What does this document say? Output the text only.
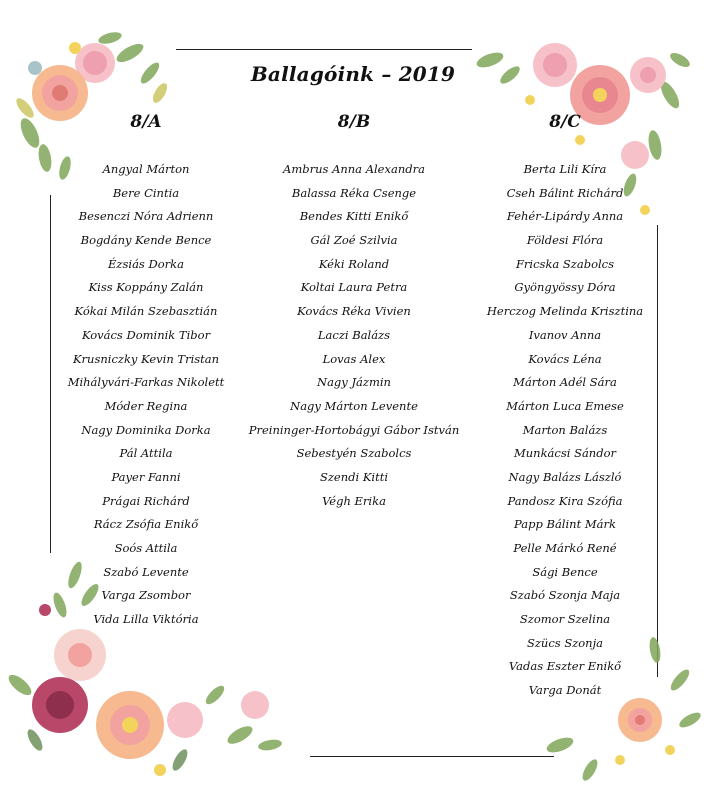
Ballagóink – 2019
8/A	8/B	8/C
Angyal Márton
Bere Cintia
Besenczi Nóra Adrienn
Bogdány Kende Bence
Ézsiás Dorka
Kiss Koppány Zalán
Kókai Milán Szebasztián
Kovács Dominik Tibor
Krusniczky Kevin Tristan
Mihályvári-Farkas Nikolett
Móder Regina
Nagy Dominika Dorka
Pál Attila
Payer Fanni
Prágai Richárd
Rácz Zsófia Enikő
Soós Attila
Szabó Levente
Varga Zsombor
Vida Lilla Viktória
Ambrus Anna Alexandra
Balassa Réka Csenge
Bendes Kitti Enikő
Gál Zoé Szilvia
Kéki Roland
Koltai Laura Petra
Kovács Réka Vivien
Laczi Balázs
Lovas Alex
Nagy Jázmin
Nagy Márton Levente
Preininger-Hortobágyi Gábor István
Sebestyén Szabolcs
Szendi Kitti
Végh Erika
Berta Lili Kíra
Cseh Bálint Richárd
Fehér-Lipárdy Anna
Földesi Flóra
Fricska Szabolcs
Gyöngyössy Dóra
Herczog Melinda Krisztina
Ivanov Anna
Kovács Léna
Márton Adél Sára
Márton Luca Emese
Marton Balázs
Munkácsi Sándor
Nagy Balázs László
Pandosz Kira Szófia
Papp Bálint Márk
Pelle Márkó René
Sági Bence
Szabó Szonja Maja
Szomor Szelina
Szücs Szonja
Vadas Eszter Enikő
Varga Donát
